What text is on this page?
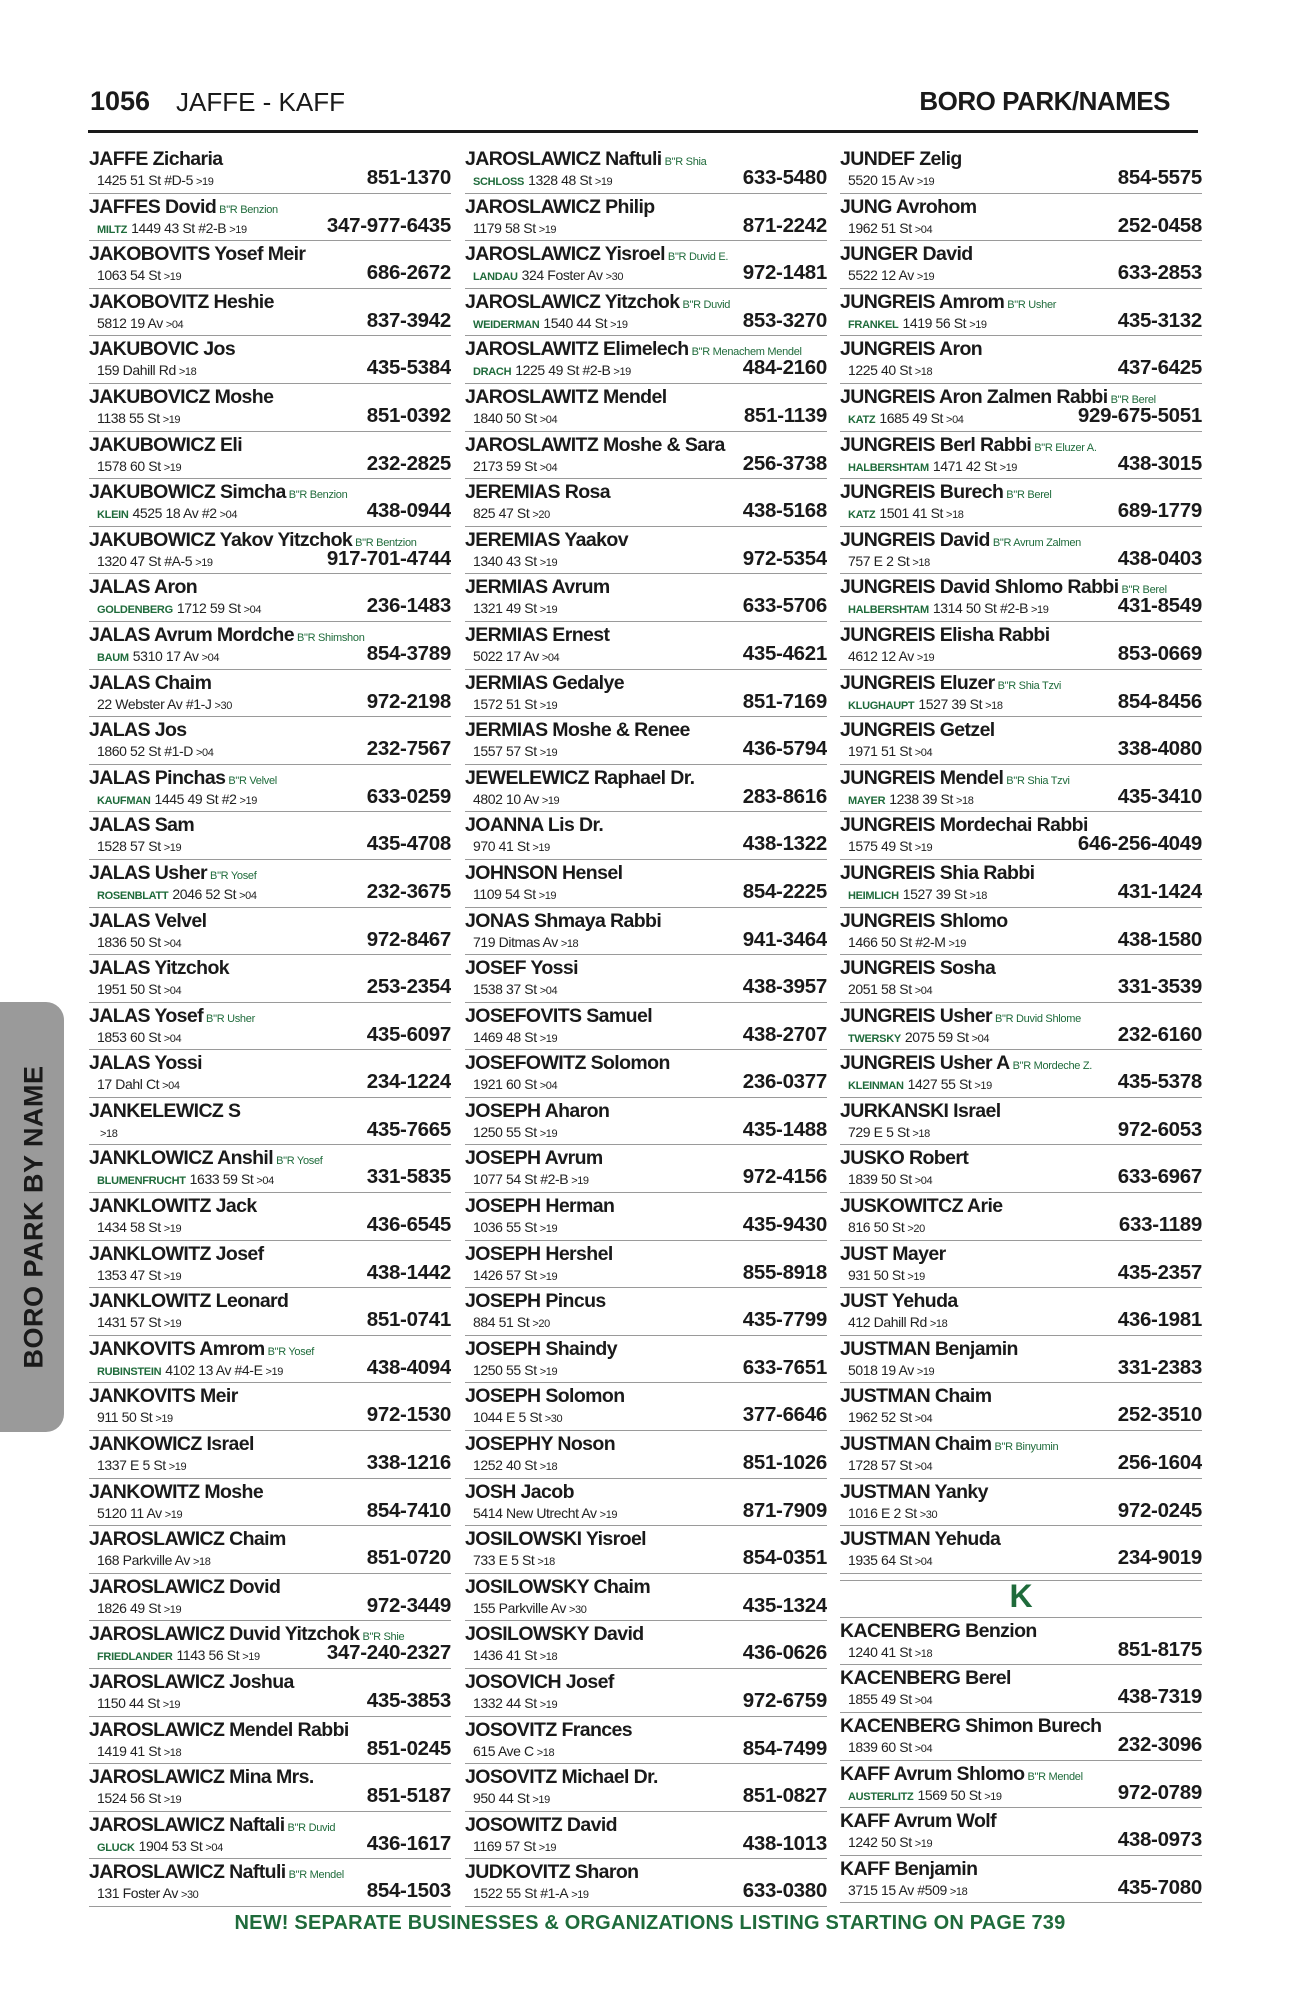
1056 JAFFE - KAFF	BORO PARK/NAMES
JAFFE Zicharia
1425 51 St #D-5 >19	851-1370
JAFFES Dovid B"R Benzion
MILTZ 1449 43 St #2-B >19	347-977-6435
JAKOBOVITS Yosef Meir
1063 54 St >19	686-2672
JAKOBOVITZ Heshie
5812 19 Av >04	837-3942
JAKUBOVIC Jos
159 Dahill Rd >18	435-5384
JAKUBOVICZ Moshe
1138 55 St >19	851-0392
JAKUBOWICZ Eli
1578 60 St >19	232-2825
JAKUBOWICZ Simcha B"R Benzion
KLEIN 4525 18 Av #2 >04	438-0944
JAKUBOWICZ Yakov Yitzchok B"R Bentzion
1320 47 St #A-5 >19	917-701-4744
JALAS Aron
GOLDENBERG 1712 59 St >04	236-1483
JALAS Avrum Mordche B"R Shimshon
BAUM 5310 17 Av >04	854-3789
JALAS Chaim
22 Webster Av #1-J >30	972-2198
JALAS Jos
1860 52 St #1-D >04	232-7567
JALAS Pinchas B"R Velvel
KAUFMAN 1445 49 St #2 >19	633-0259
JALAS Sam
1528 57 St >19	435-4708
JALAS Usher B"R Yosef
ROSENBLATT 2046 52 St >04	232-3675
JALAS Velvel
1836 50 St >04	972-8467
JALAS Yitzchok
1951 50 St >04	253-2354
JALAS Yosef B"R Usher
1853 60 St >04	435-6097
JALAS Yossi
17 Dahl Ct >04	234-1224
JANKELEWICZ S
>18	435-7665
JANKLOWICZ Anshil B"R Yosef
BLUMENFRUCHT 1633 59 St >04	331-5835
JANKLOWITZ Jack
1434 58 St >19	436-6545
JANKLOWITZ Josef
1353 47 St >19	438-1442
JANKLOWITZ Leonard
1431 57 St >19	851-0741
JANKOVITS Amrom B"R Yosef
RUBINSTEIN 4102 13 Av #4-E >19	438-4094
JANKOVITS Meir
911 50 St >19	972-1530
JANKOWICZ Israel
1337 E 5 St >19	338-1216
JANKOWITZ Moshe
5120 11 Av >19	854-7410
JAROSLAWICZ Chaim
168 Parkville Av >18	851-0720
JAROSLAWICZ Dovid
1826 49 St >19	972-3449
JAROSLAWICZ Duvid Yitzchok B"R Shie
FRIEDLANDER 1143 56 St >19	347-240-2327
JAROSLAWICZ Joshua
1150 44 St >19	435-3853
JAROSLAWICZ Mendel Rabbi
1419 41 St >18	851-0245
JAROSLAWICZ Mina Mrs.
1524 56 St >19	851-5187
JAROSLAWICZ Naftali B"R Duvid
GLUCK 1904 53 St >04	436-1617
JAROSLAWICZ Naftuli B"R Mendel
131 Foster Av >30	854-1503
JAROSLAWICZ Naftuli B"R Shia
SCHLOSS 1328 48 St >19	633-5480
JAROSLAWICZ Philip
1179 58 St >19	871-2242
JAROSLAWICZ Yisroel B"R Duvid E.
LANDAU 324 Foster Av >30	972-1481
JAROSLAWICZ Yitzchok B"R Duvid
WEIDERMAN 1540 44 St >19	853-3270
JAROSLAWITZ Elimelech B"R Menachem Mendel
DRACH 1225 49 St #2-B >19	484-2160
JAROSLAWITZ Mendel
1840 50 St >04	851-1139
JAROSLAWITZ Moshe & Sara
2173 59 St >04	256-3738
JEREMIAS Rosa
825 47 St >20	438-5168
JEREMIAS Yaakov
1340 43 St >19	972-5354
JERMIAS Avrum
1321 49 St >19	633-5706
JERMIAS Ernest
5022 17 Av >04	435-4621
JERMIAS Gedalye
1572 51 St >19	851-7169
JERMIAS Moshe & Renee
1557 57 St >19	436-5794
JEWELEWICZ Raphael Dr.
4802 10 Av >19	283-8616
JOANNA Lis Dr.
970 41 St >19	438-1322
JOHNSON Hensel
1109 54 St >19	854-2225
JONAS Shmaya Rabbi
719 Ditmas Av >18	941-3464
JOSEF Yossi
1538 37 St >04	438-3957
JOSEFOVITS Samuel
1469 48 St >19	438-2707
JOSEFOWITZ Solomon
1921 60 St >04	236-0377
JOSEPH Aharon
1250 55 St >19	435-1488
JOSEPH Avrum
1077 54 St #2-B >19	972-4156
JOSEPH Herman
1036 55 St >19	435-9430
JOSEPH Hershel
1426 57 St >19	855-8918
JOSEPH Pincus
884 51 St >20	435-7799
JOSEPH Shaindy
1250 55 St >19	633-7651
JOSEPH Solomon
1044 E 5 St >30	377-6646
JOSEPHY Noson
1252 40 St >18	851-1026
JOSH Jacob
5414 New Utrecht Av >19	871-7909
JOSILOWSKI Yisroel
733 E 5 St >18	854-0351
JOSILOWSKY Chaim
155 Parkville Av >30	435-1324
JOSILOWSKY David
1436 41 St >18	436-0626
JOSOVICH Josef
1332 44 St >19	972-6759
JOSOVITZ Frances
615 Ave C >18	854-7499
JOSOVITZ Michael Dr.
950 44 St >19	851-0827
JOSOWITZ David
1169 57 St >19	438-1013
JUDKOVITZ Sharon
1522 55 St #1-A >19	633-0380
JUNDEF Zelig
5520 15 Av >19	854-5575
JUNG Avrohom
1962 51 St >04	252-0458
JUNGER David
5522 12 Av >19	633-2853
JUNGREIS Amrom B"R Usher
FRANKEL 1419 56 St >19	435-3132
JUNGREIS Aron
1225 40 St >18	437-6425
JUNGREIS Aron Zalmen Rabbi B"R Berel
KATZ 1685 49 St >04	929-675-5051
JUNGREIS Berl Rabbi B"R Eluzer A.
HALBERSHTAM 1471 42 St >19	438-3015
JUNGREIS Burech B"R Berel
KATZ 1501 41 St >18	689-1779
JUNGREIS David B"R Avrum Zalmen
757 E 2 St >18	438-0403
JUNGREIS David Shlomo Rabbi B"R Berel
HALBERSHTAM 1314 50 St #2-B >19	431-8549
JUNGREIS Elisha Rabbi
4612 12 Av >19	853-0669
JUNGREIS Eluzer B"R Shia Tzvi
KLUGHAUPT 1527 39 St >18	854-8456
JUNGREIS Getzel
1971 51 St >04	338-4080
JUNGREIS Mendel B"R Shia Tzvi
MAYER 1238 39 St >18	435-3410
JUNGREIS Mordechai Rabbi
1575 49 St >19	646-256-4049
JUNGREIS Shia Rabbi
HEIMLICH 1527 39 St >18	431-1424
JUNGREIS Shlomo
1466 50 St #2-M >19	438-1580
JUNGREIS Sosha
2051 58 St >04	331-3539
JUNGREIS Usher B"R Duvid Shlome
TWERSKY 2075 59 St >04	232-6160
JUNGREIS Usher A B"R Mordeche Z.
KLEINMAN 1427 55 St >19	435-5378
JURKANSKI Israel
729 E 5 St >18	972-6053
JUSKO Robert
1839 50 St >04	633-6967
JUSKOWITCZ Arie
816 50 St >20	633-1189
JUST Mayer
931 50 St >19	435-2357
JUST Yehuda
412 Dahill Rd >18	436-1981
JUSTMAN Benjamin
5018 19 Av >19	331-2383
JUSTMAN Chaim
1962 52 St >04	252-3510
JUSTMAN Chaim B"R Binyumin
1728 57 St >04	256-1604
JUSTMAN Yanky
1016 E 2 St >30	972-0245
JUSTMAN Yehuda
1935 64 St >04	234-9019
K
KACENBERG Benzion
1240 41 St >18	851-8175
KACENBERG Berel
1855 49 St >04	438-7319
KACENBERG Shimon Burech
1839 60 St >04	232-3096
KAFF Avrum Shlomo B"R Mendel
AUSTERLITZ 1569 50 St >19	972-0789
KAFF Avrum Wolf
1242 50 St >19	438-0973
KAFF Benjamin
3715 15 Av #509 >18	435-7080
BORO PARK BY NAME
NEW! SEPARATE BUSINESSES & ORGANIZATIONS LISTING STARTING ON PAGE 739
